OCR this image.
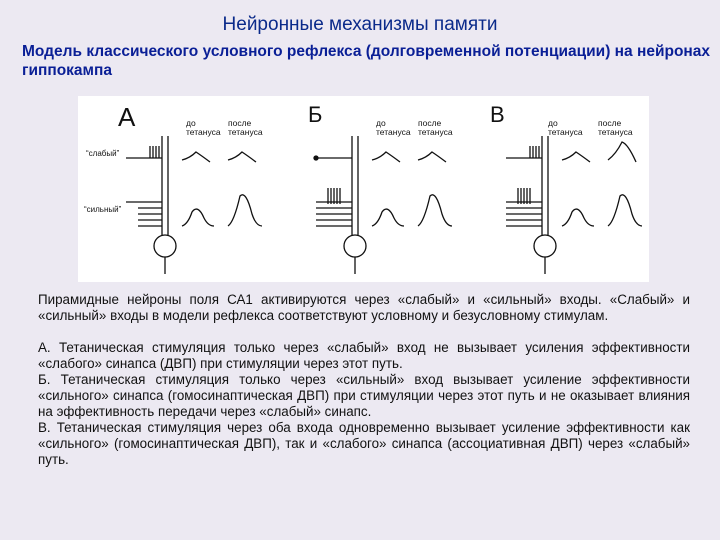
Нейронные механизмы памяти
Модель классического условного рефлекса (долговременной потенциации) на нейронах гиппокампа
А	до тетануса
после тетануса
“слабый”
“сильный”
Б	до тетануса
после тетануса
В	до тетануса
после тетануса

Пирамидные нейроны поля СА1 активируются через «слабый» и «сильный» входы. «Слабый» и «сильный» входы в модели рефлекса соответствуют условному и безусловному стимулам.

А. Тетаническая стимуляция только через «слабый» вход не вызывает усиления эффективности «слабого» синапса (ДВП) при стимуляции через этот путь.

Б. Тетаническая стимуляция только через «сильный» вход вызывает усиление эффективности «сильного» синапса (гомосинаптическая ДВП) при стимуляции через этот путь и не оказывает влияния на эффективность передачи через «слабый» синапс.

В. Тетаническая стимуляция через оба входа одновременно вызывает усиление эффективности как «сильного» (гомосинаптическая ДВП), так и «слабого» синапса (ассоциативная ДВП) через «слабый» путь.
